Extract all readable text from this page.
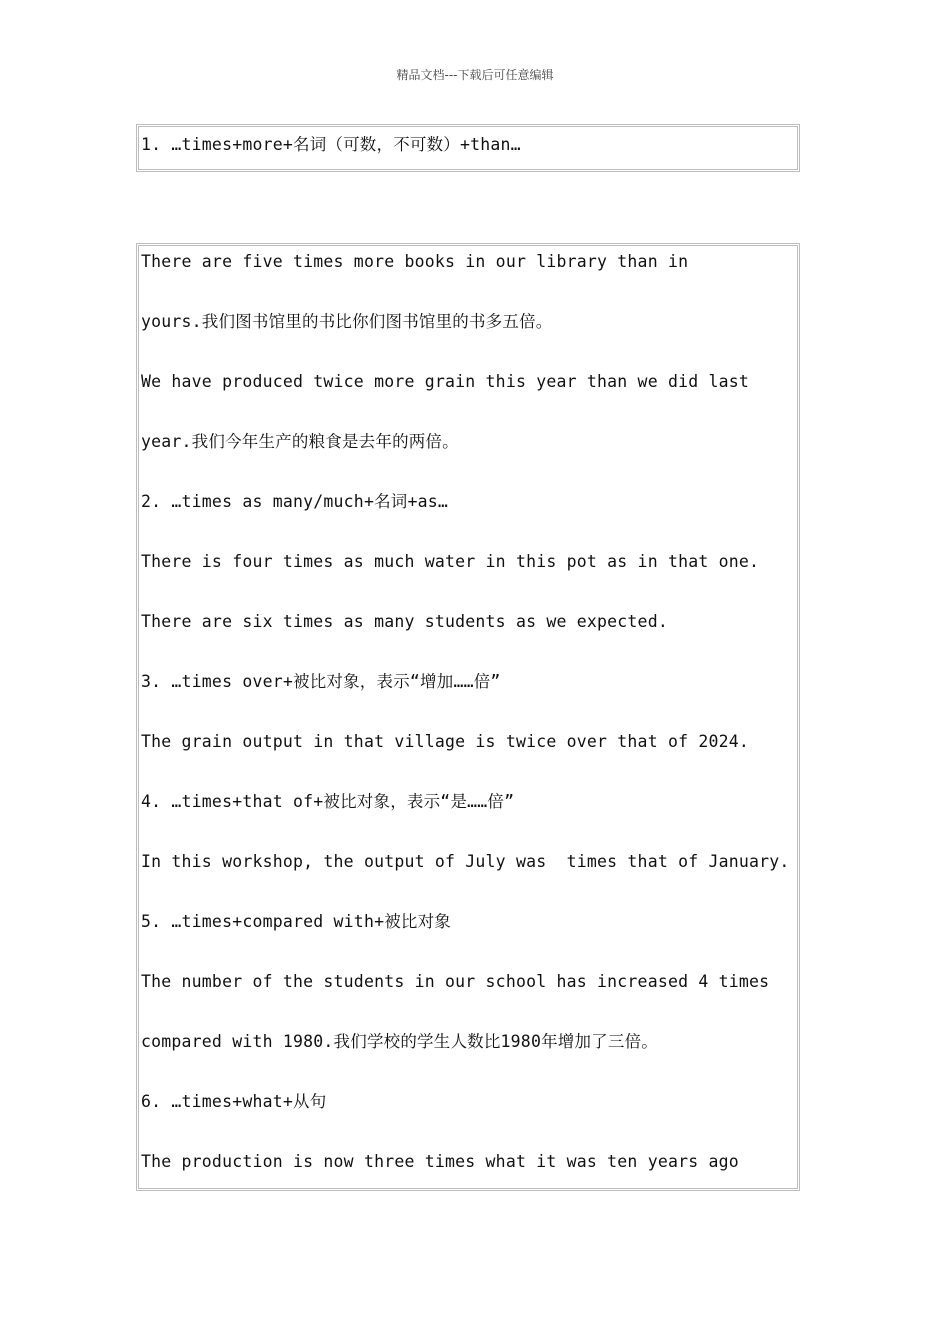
精品文档---下载后可任意编辑
1. …times+more+名词（可数，不可数）+than…
There are five times more books in our library than in
yours.我们图书馆里的书比你们图书馆里的书多五倍。
We have produced twice more grain this year than we did last
year.我们今年生产的粮食是去年的两倍。
2. …times as many/much+名词+as…
There is four times as much water in this pot as in that one.
There are six times as many students as we expected.
3. …times over+被比对象，表示“增加……倍”
The grain output in that village is twice over that of 2024.
4. …times+that of+被比对象，表示“是……倍”
In this workshop, the output of July was  times that of January.
5. …times+compared with+被比对象
The number of the students in our school has increased 4 times
compared with 1980.我们学校的学生人数比1980年增加了三倍。
6. …times+what+从句
The production is now three times what it was ten years ago
